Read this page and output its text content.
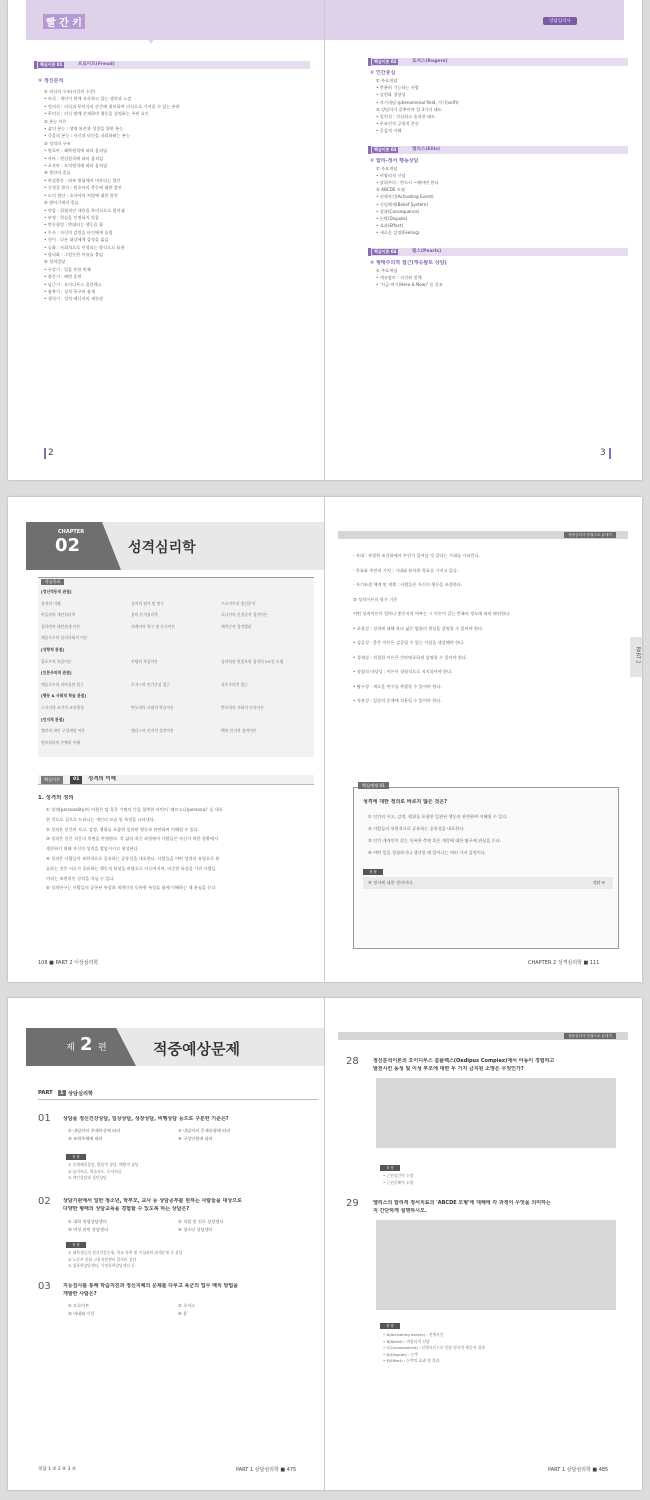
빨 간 키	상담심리사
핵심이론 01	프로이트(Freud)
① 정신분석
① 의식의 구조(지각의 수준)
• 의식 : 개인이 현재 자각하고 있는 생각과 느낌
• 전의식 : 의식과 무의식의 중간에 위치하여 의식으로 가져올 수 있는 부분
• 무의식 : 의식 밖에 존재하며 행동을 결정하는 주된 요인
② 본능 이론
• 삶의 본능 : 생명 보존과 성장을 위한 본능
• 죽음의 본능 : 자신과 타인을 파괴하려는 본능
③ 성격의 구조
• 원초아 : 쾌락원칙에 따라 움직임
• 자아 : 현실원칙에 따라 움직임
• 초자아 : 도덕원칙에 따라 움직임
④ 불안의 종류
• 현실불안 : 외부 위험에서 비롯되는 불안
• 신경증 불안 : 원초아의 충동에 대한 불안
• 도덕 불안 : 초자아의 처벌에 대한 불안
⑤ 방어기제의 종류
• 억압 : 위협적인 내용을 무의식으로 밀어냄
• 부정 : 현실을 인정하지 않음
• 반동형성 : 반대되는 행동을 함
• 투사 : 자신의 감정을 타인에게 돌림
• 전이 : 다른 대상에게 감정을 옮김
• 승화 : 사회적으로 인정되는 방식으로 표현
• 합리화 : 그럴듯한 이유를 붙임
⑥ 성격발달
• 구강기 : 입을 통한 만족
• 항문기 : 배변 훈련
• 남근기 : 오이디푸스 콤플렉스
• 잠복기 : 성적 욕구의 잠재
• 생식기 : 성적 에너지의 재등장
핵심이론 02	로저스(Rogers)
① 인간중심
① 주요개념
• 충분히 기능하는 사람
• 실현화 경향성
• 자기개념 (phenomenal field, 자기(self))
② 상담자가 갖추어야 할 3가지 태도
• 일치성 : 진실하고 솔직한 태도
• 무조건적 긍정적 존중
• 공감적 이해
핵심이론 03	엘리스(Ellis)
① 합리-정서 행동상담
① 주요개념
• 비합리적 신념
• 당위주의 : 반드시 ~해야만 한다
② ABCDE 모형
• 선행사건(Activating Event)
• 신념체계(Belief System)
• 결과(Consequence)
• 논박(Dispute)
• 효과(Effect)
• 새로운 감정(Feeling)
핵심이론 04	펄스(Pearls)
① 형태주의적 접근(게슈탈트 상담)
① 주요개념
• 게슈탈트 : 지각된 전체
• '지금-여기(Here & Now)' 를 강조
2	3
CHAPTER
02	성격심리학
학습목표
[정신역동적 관점]
성격의 이해	성격의 평가 및 연구	프로이트의 정신분석
아들러의 개인심리학	융의 분석심리학	호나이의 신경증적 성격이론
설리반의 대인관계 이론	머레이의 욕구 및 동기이론	에릭슨의 성격발달
매슬로우의 심리사회적 이론
[성향적 관점]
올포트의 특질이론	카텔의 특질이론	성격차원 연결모형 성격의 5요인 모델
[인본주의적 관점]
매슬로우의 자아실현 접근	로저스의 인간중심 접근	실존주의적 접근
[행동 & 사회적 학습 관점]
스키너의 조작적 조건형성	반두라의 사회적 학습이론	반두라의 사회적 인지이론
[인지적 관점]
켈리의 개인 구성개념 이론	엘리스의 인지적 성격이론	벡의 인지적 성격이론
정보처리의 주체의 이해
핵심이론	01	성격의 이해
1. 성격의 정의
① 성격(personality)의 어원은 탈 혹은 가면의 뜻을 함축한 라틴어 '페르소나(persona)' 를 내포
한 것으로 겉으로 드러나는 개인의 모습 및 특성을 나타낸다.
② 성격은 인간의 사고, 감정, 행위를 포함한 일관된 행동과 관련하여 이해될 수 있다.
③ 성격은 인간 적응의 측면을 반영한다. 각 삶의 적응 과정에서 사람들은 자신이 처한 상황에서
생존하기 위해 자신의 성격을 발달시키고 형성한다.
④ 성격은 사람들이 보편적으로 공유하는 공통성을 내포한다. 사람들을 어떤 성격의 유형으로 분
류하는 것은 서로가 공유하는 행동적 특성을 바탕으로 이루어지며, 비슷한 특성을 가진 사람들
끼리는 보편적인 성격을 지닐 수 있다.
⑤ 성격연구는 사람들의 공통된 특성과 개개인의 독특한 특성을 함께 이해하는 데 관심을 둔다.
상담심리사 한권으로 끝내기
- 자대 : 특별한 조건하에서 무언가 일어날 것 같다는 기대를 가리킨다.
- 목표와 주관적 가치 : 기대와 유사한 목표를 가지고 있다.
- 자기조절 체계 및 계획 : 사람들은 자신의 행동을 조절한다.
③ 성격이론의 평가 기준
어떤 성격이론이 얼마나 좋은지의 여부는 그 이론이 갖는 충족의 정도에 따라 판단한다.
• 포괄성 : 성격에 대해 보다 넓은 범위의 현상을 설명할 수 있어야 한다.
• 검증성 : 좋은 이론은 검증될 수 있는 가설을 생성해야 한다.
• 경제성 : 적절한 이론은 간단명료하게 설명할 수 있어야 한다.
• 경험적 타당성 : 이론이 경험적으로 지지되어야 한다.
• 탐구성 : 새로운 연구를 촉발할 수 있어야 한다.
• 적용성 : 일상의 문제에 적용될 수 있어야 한다.
핵심예제 01
성격에 대한 정의로 바르지 않은 것은?
① 인간의 사고, 감정, 행위를 포함한 일관된 행동과 관련하여 이해될 수 있다.
② 사람들이 보편적으로 공유하는 공통성을 내포한다.
③ 인간 개개인이 갖는 독특한 측면 혹은 개성에 대한 탐구에 관심을 둔다.
④ 어떤 일을 경험하거나 생각할 때 일어나는 여러 가지 감정이다.
정 답
④ 정서에 대한 정의이다.	정답 ④
PART 2
108 ■ PART 2 이상심리학	CHAPTER 2 성격심리학 ■ 111
제 2 편	적중예상문제
PART	1 상담심리학
01 상담을 정신건강상담, 일상상담, 성장상담, 비행상담 등으로 구분한 기준은?
① 내담자의 주제특성에 따라	② 내담자의 문제유형에 따라
③ 조력주체에 따라	④ 구성인원에 따라
정 답
① 문제해결상담, 발달적 상담, 예방적 상담
② 놀이치료, 학습지도, 독서치료
③ 개인상담과 집단상담
02 상담기관에서 일반 청소년, 학부모, 교사 등 상담공부를 원하는 사람들을 대상으로
다양한 형태의 상담교육을 경험할 수 있도록 하는 상담은?
① 대학 학생상담센터	② 직업 및 진로 상담센터
③ 여성 관련 상담센터	④ 청소년 상담센터
정 답
① 대학생들의 정신건강문제, 학교 폭력 및 이성과의 관계문제 등 상담
② 노동부 산하 고용지원센터 일자리 상담
③ 성폭력상담센터, 가정폭력상담센터 등
03 지능검사를 통해 학습지진과 정신지체의 문제를 다루고 육군의 업무 배치 방법을
개발한 사람은?
① 프로이트	② 로저스
③ 비네와 시몽	④ 융
상담심리사 한권으로 끝내기
28	정신분석이론의 오이디푸스 콤플렉스(Oedipus Complex)에서 아동이 경험하고
발전시킨 동성 및 이성 부모에 대한 두 가지 금지된 소망은 무엇인가?
정 답
• 근친상간적 소망
• 근친살해적 소망
29	엘리스의 합리적 정서치료의 'ABCDE 모형'에 대해에 각 과정이 무엇을 의미하는
지 간단하게 설명하시오.
정 답
• A(Activating events) : 선행사건
• B(Belief) : 비합리적 신념
• C(Consequence) : 선행사건으로 인한 정서적·행동적 결과
• D(Dispute) : 논박
• E(Effect) : 논박의 효과 및 결과
정답 1 ② 2 ④ 3 ③	PART 1 상담심리학 ■ 475	PART 1 상담심리학 ■ 485
